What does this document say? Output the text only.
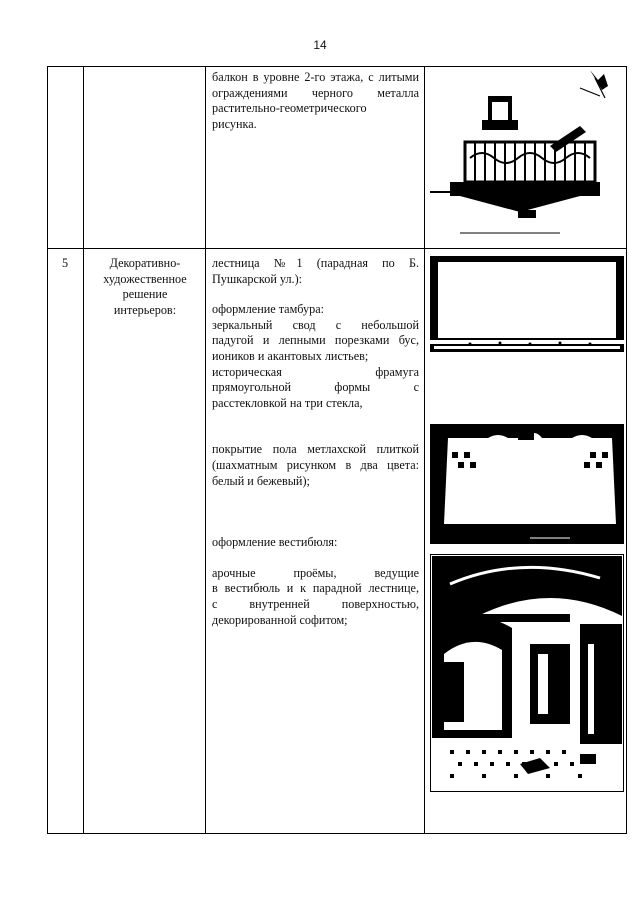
14
балкон в уровне 2-го этажа, с литыми
ограждениями черного металла
растительно-геометрического
рисунка.
5	Декоративно-
художественное
решение
интерьеров:
лестница №1 (парадная по Б.
Пушкарской ул.):
оформление тамбура:
зеркальный свод с небольшой
падугой и лепными порезками бус,
иоников и акантовых листьев;
историческая фрамуга
прямоугольной формы с
расстекловкой на три стекла,
покрытие пола метлахской плиткой
(шахматным рисунком в два цвета:
белый и бежевый);
оформление вестибюля:
арочные проёмы, ведущие
в вестибюль и к парадной лестнице,
с внутренней поверхностью,
декорированной софитом;
